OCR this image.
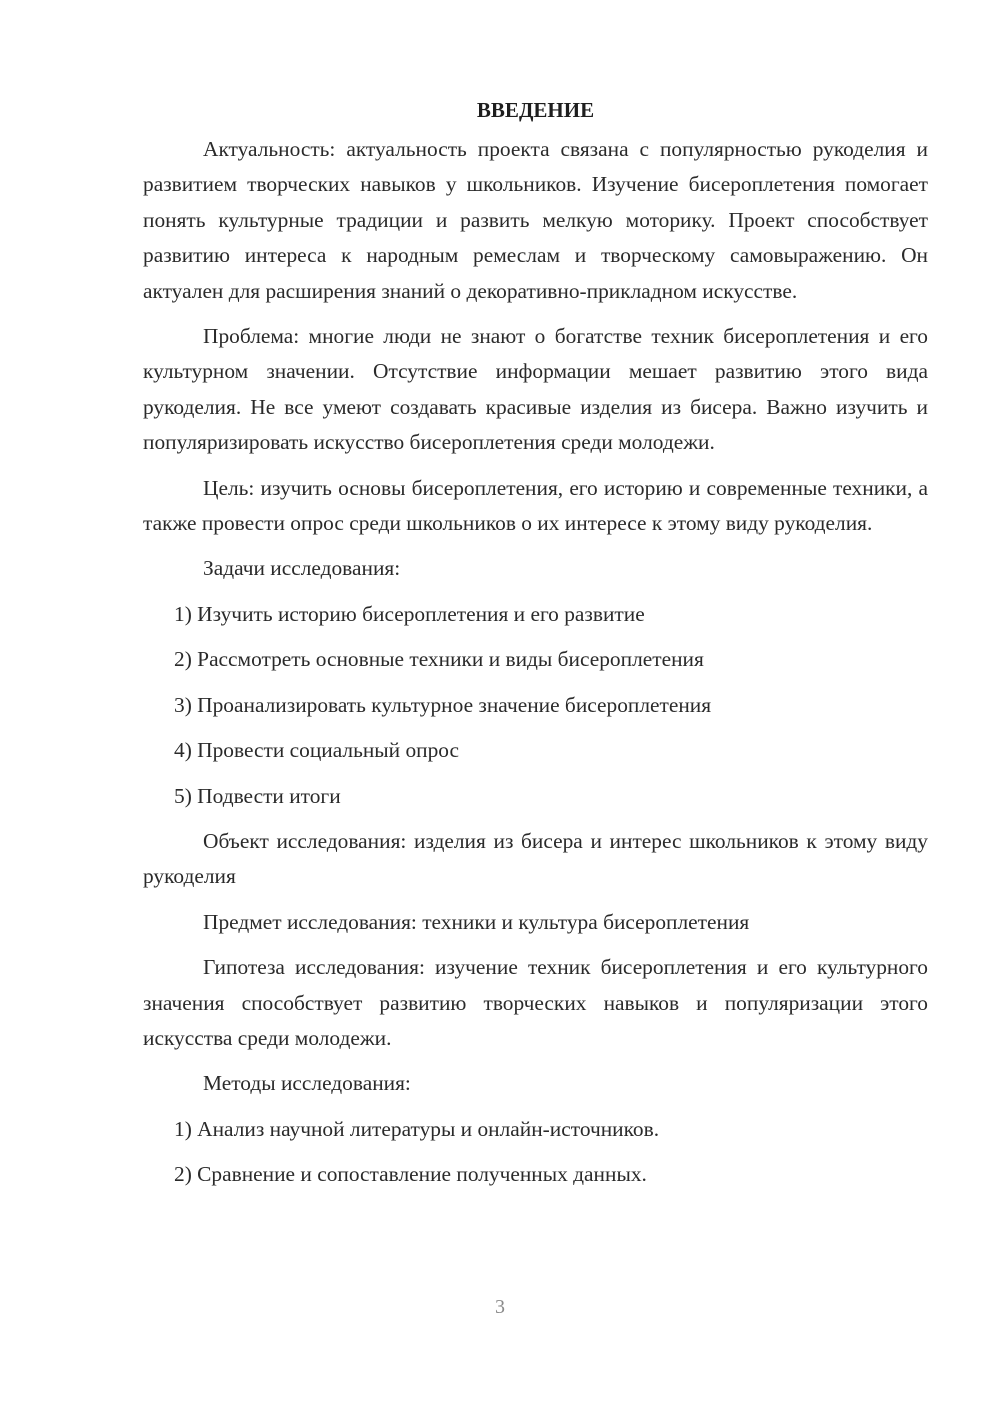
ВВЕДЕНИЕ

Актуальность: актуальность проекта связана с популярностью рукоделия и развитием творческих навыков у школьников. Изучение бисероплетения помогает понять культурные традиции и развить мелкую моторику. Проект способствует развитию интереса к народным ремеслам и творческому самовыражению. Он актуален для расширения знаний о декоративно-прикладном искусстве.

Проблема: многие люди не знают о богатстве техник бисероплетения и его культурном значении. Отсутствие информации мешает развитию этого вида рукоделия. Не все умеют создавать красивые изделия из бисера. Важно изучить и популяризировать искусство бисероплетения среди молодежи.

Цель: изучить основы бисероплетения, его историю и современные техники, а также провести опрос среди школьников о их интересе к этому виду рукоделия.

Задачи исследования:

1) Изучить историю бисероплетения и его развитие
2) Рассмотреть основные техники и виды бисероплетения
3) Проанализировать культурное значение бисероплетения
4) Провести социальный опрос
5) Подвести итоги

Объект исследования: изделия из бисера и интерес школьников к этому виду рукоделия

Предмет исследования: техники и культура бисероплетения

Гипотеза исследования: изучение техник бисероплетения и его культурного значения способствует развитию творческих навыков и популяризации этого искусства среди молодежи.

Методы исследования:

1) Анализ научной литературы и онлайн-источников.
2) Сравнение и сопоставление полученных данных.
3
